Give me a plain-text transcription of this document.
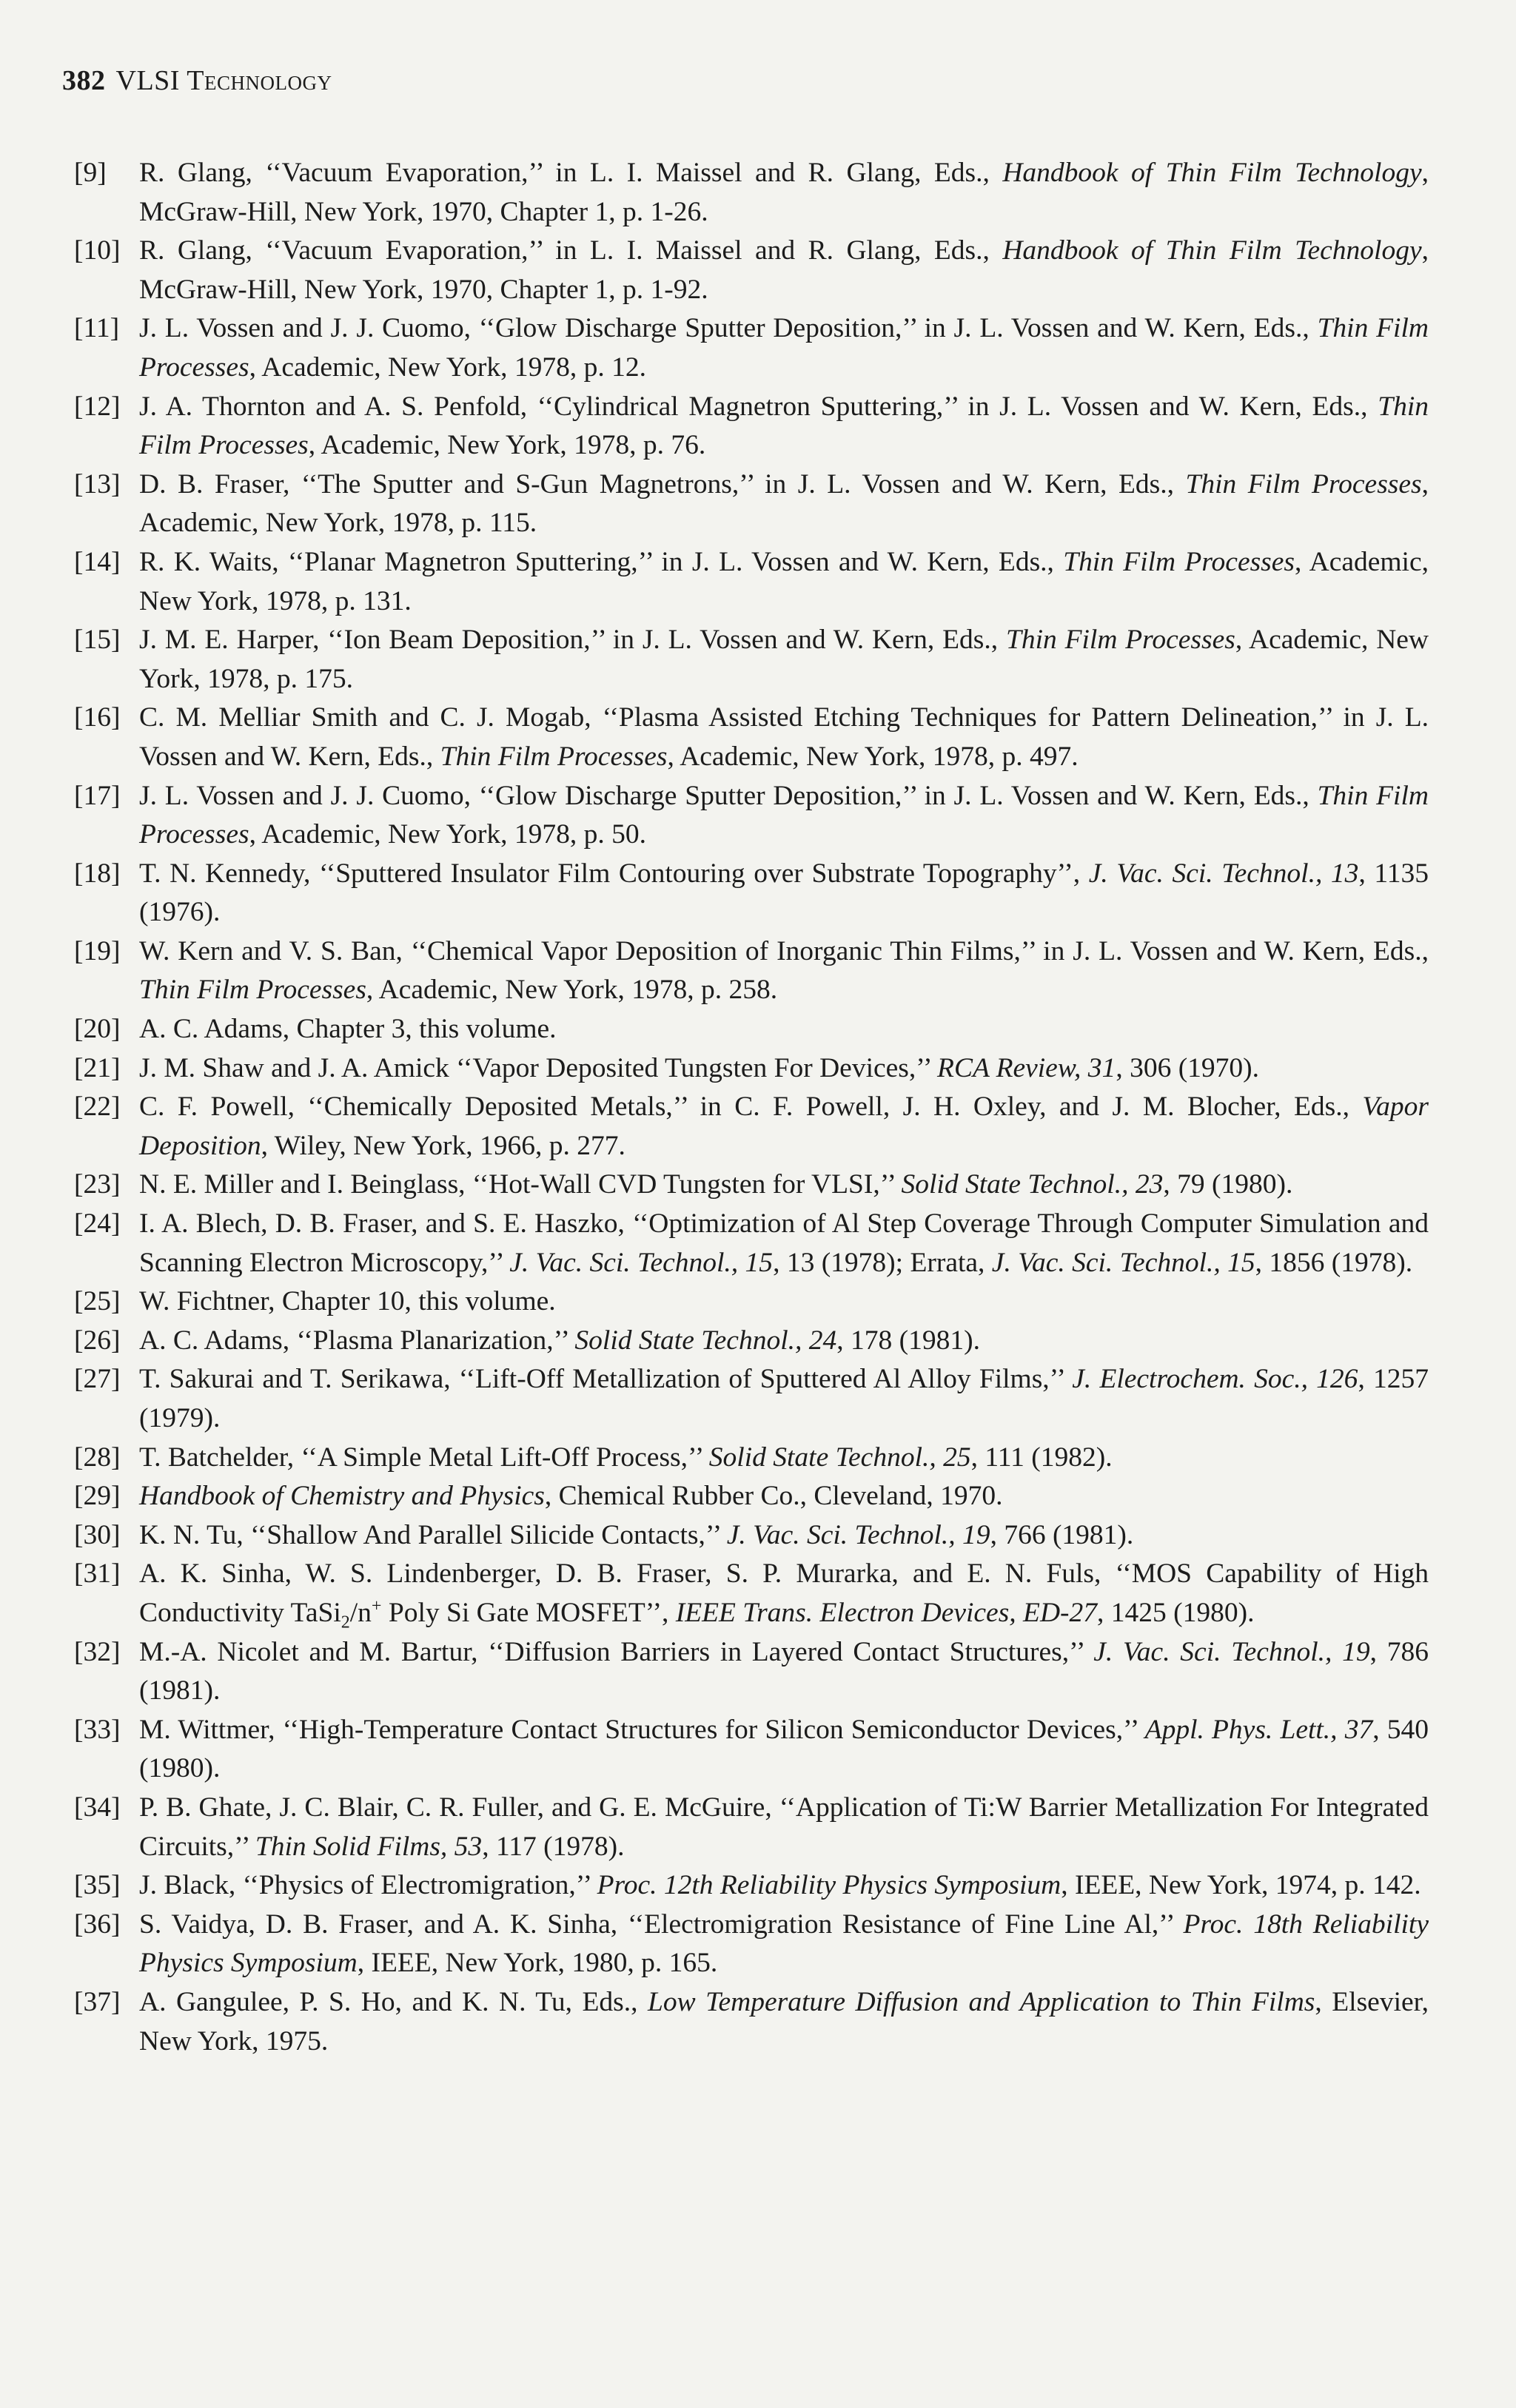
382 VLSI Technology
[9] R. Glang, ‘‘Vacuum Evaporation,’’ in L. I. Maissel and R. Glang, Eds., Handbook of Thin Film Technology, McGraw-Hill, New York, 1970, Chapter 1, p. 1-26.
[10] R. Glang, ‘‘Vacuum Evaporation,’’ in L. I. Maissel and R. Glang, Eds., Handbook of Thin Film Technology, McGraw-Hill, New York, 1970, Chapter 1, p. 1-92.
[11] J. L. Vossen and J. J. Cuomo, ‘‘Glow Discharge Sputter Deposition,’’ in J. L. Vossen and W. Kern, Eds., Thin Film Processes, Academic, New York, 1978, p. 12.
[12] J. A. Thornton and A. S. Penfold, ‘‘Cylindrical Magnetron Sputtering,’’ in J. L. Vossen and W. Kern, Eds., Thin Film Processes, Academic, New York, 1978, p. 76.
[13] D. B. Fraser, ‘‘The Sputter and S-Gun Magnetrons,’’ in J. L. Vossen and W. Kern, Eds., Thin Film Processes, Academic, New York, 1978, p. 115.
[14] R. K. Waits, ‘‘Planar Magnetron Sputtering,’’ in J. L. Vossen and W. Kern, Eds., Thin Film Processes, Academic, New York, 1978, p. 131.
[15] J. M. E. Harper, ‘‘Ion Beam Deposition,’’ in J. L. Vossen and W. Kern, Eds., Thin Film Processes, Academic, New York, 1978, p. 175.
[16] C. M. Melliar Smith and C. J. Mogab, ‘‘Plasma Assisted Etching Techniques for Pattern Delineation,’’ in J. L. Vossen and W. Kern, Eds., Thin Film Processes, Academic, New York, 1978, p. 497.
[17] J. L. Vossen and J. J. Cuomo, ‘‘Glow Discharge Sputter Deposition,’’ in J. L. Vossen and W. Kern, Eds., Thin Film Processes, Academic, New York, 1978, p. 50.
[18] T. N. Kennedy, ‘‘Sputtered Insulator Film Contouring over Substrate Topography’’, J. Vac. Sci. Technol., 13, 1135 (1976).
[19] W. Kern and V. S. Ban, ‘‘Chemical Vapor Deposition of Inorganic Thin Films,’’ in J. L. Vossen and W. Kern, Eds., Thin Film Processes, Academic, New York, 1978, p. 258.
[20] A. C. Adams, Chapter 3, this volume.
[21] J. M. Shaw and J. A. Amick ‘‘Vapor Deposited Tungsten For Devices,’’ RCA Review, 31, 306 (1970).
[22] C. F. Powell, ‘‘Chemically Deposited Metals,’’ in C. F. Powell, J. H. Oxley, and J. M. Blocher, Eds., Vapor Deposition, Wiley, New York, 1966, p. 277.
[23] N. E. Miller and I. Beinglass, ‘‘Hot-Wall CVD Tungsten for VLSI,’’ Solid State Technol., 23, 79 (1980).
[24] I. A. Blech, D. B. Fraser, and S. E. Haszko, ‘‘Optimization of Al Step Coverage Through Computer Simulation and Scanning Electron Microscopy,’’ J. Vac. Sci. Technol., 15, 13 (1978); Errata, J. Vac. Sci. Technol., 15, 1856 (1978).
[25] W. Fichtner, Chapter 10, this volume.
[26] A. C. Adams, ‘‘Plasma Planarization,’’ Solid State Technol., 24, 178 (1981).
[27] T. Sakurai and T. Serikawa, ‘‘Lift-Off Metallization of Sputtered Al Alloy Films,’’ J. Electrochem. Soc., 126, 1257 (1979).
[28] T. Batchelder, ‘‘A Simple Metal Lift-Off Process,’’ Solid State Technol., 25, 111 (1982).
[29] Handbook of Chemistry and Physics, Chemical Rubber Co., Cleveland, 1970.
[30] K. N. Tu, ‘‘Shallow And Parallel Silicide Contacts,’’ J. Vac. Sci. Technol., 19, 766 (1981).
[31] A. K. Sinha, W. S. Lindenberger, D. B. Fraser, S. P. Murarka, and E. N. Fuls, ‘‘MOS Capability of High Conductivity TaSi$_2$/n+ Poly Si Gate MOSFET’’, IEEE Trans. Electron Devices, ED-27, 1425 (1980).
[32] M.-A. Nicolet and M. Bartur, ‘‘Diffusion Barriers in Layered Contact Structures,’’ J. Vac. Sci. Technol., 19, 786 (1981).
[33] M. Wittmer, ‘‘High-Temperature Contact Structures for Silicon Semiconductor Devices,’’ Appl. Phys. Lett., 37, 540 (1980).
[34] P. B. Ghate, J. C. Blair, C. R. Fuller, and G. E. McGuire, ‘‘Application of Ti:W Barrier Metallization For Integrated Circuits,’’ Thin Solid Films, 53, 117 (1978).
[35] J. Black, ‘‘Physics of Electromigration,’’ Proc. 12th Reliability Physics Symposium, IEEE, New York, 1974, p. 142.
[36] S. Vaidya, D. B. Fraser, and A. K. Sinha, ‘‘Electromigration Resistance of Fine Line Al,’’ Proc. 18th Reliability Physics Symposium, IEEE, New York, 1980, p. 165.
[37] A. Gangulee, P. S. Ho, and K. N. Tu, Eds., Low Temperature Diffusion and Application to Thin Films, Elsevier, New York, 1975.
